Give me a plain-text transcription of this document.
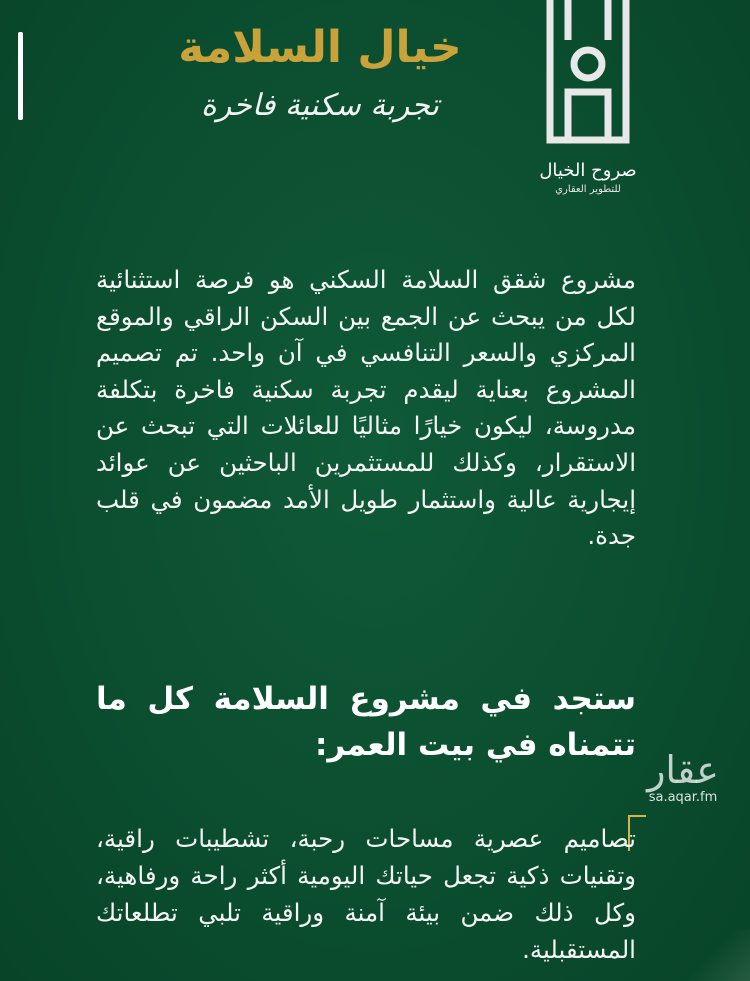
خيال السلامة
تجربة سكنية فاخرة
صروح الخيال
للتطوير العقاري
مشروع شقق السلامة السكني هو فرصة استثنائية لكل من يبحث عن الجمع بين السكن الراقي والموقع المركزي والسعر التنافسي في آن واحد. تم تصميم المشروع بعناية ليقدم تجربة سكنية فاخرة بتكلفة مدروسة، ليكون خيارًا مثاليًا للعائلات التي تبحث عن الاستقرار، وكذلك للمستثمرين الباحثين عن عوائد إيجارية عالية واستثمار طويل الأمد مضمون في قلب جدة.
ستجد في مشروع السلامة كل ما تتمناه في بيت العمر:
عقار
sa.aqar.fm
تصاميم عصرية مساحات رحبة، تشطيبات راقية، وتقنيات ذكية تجعل حياتك اليومية أكثر راحة ورفاهية، وكل ذلك ضمن بيئة آمنة وراقية تلبي تطلعاتك المستقبلية.
